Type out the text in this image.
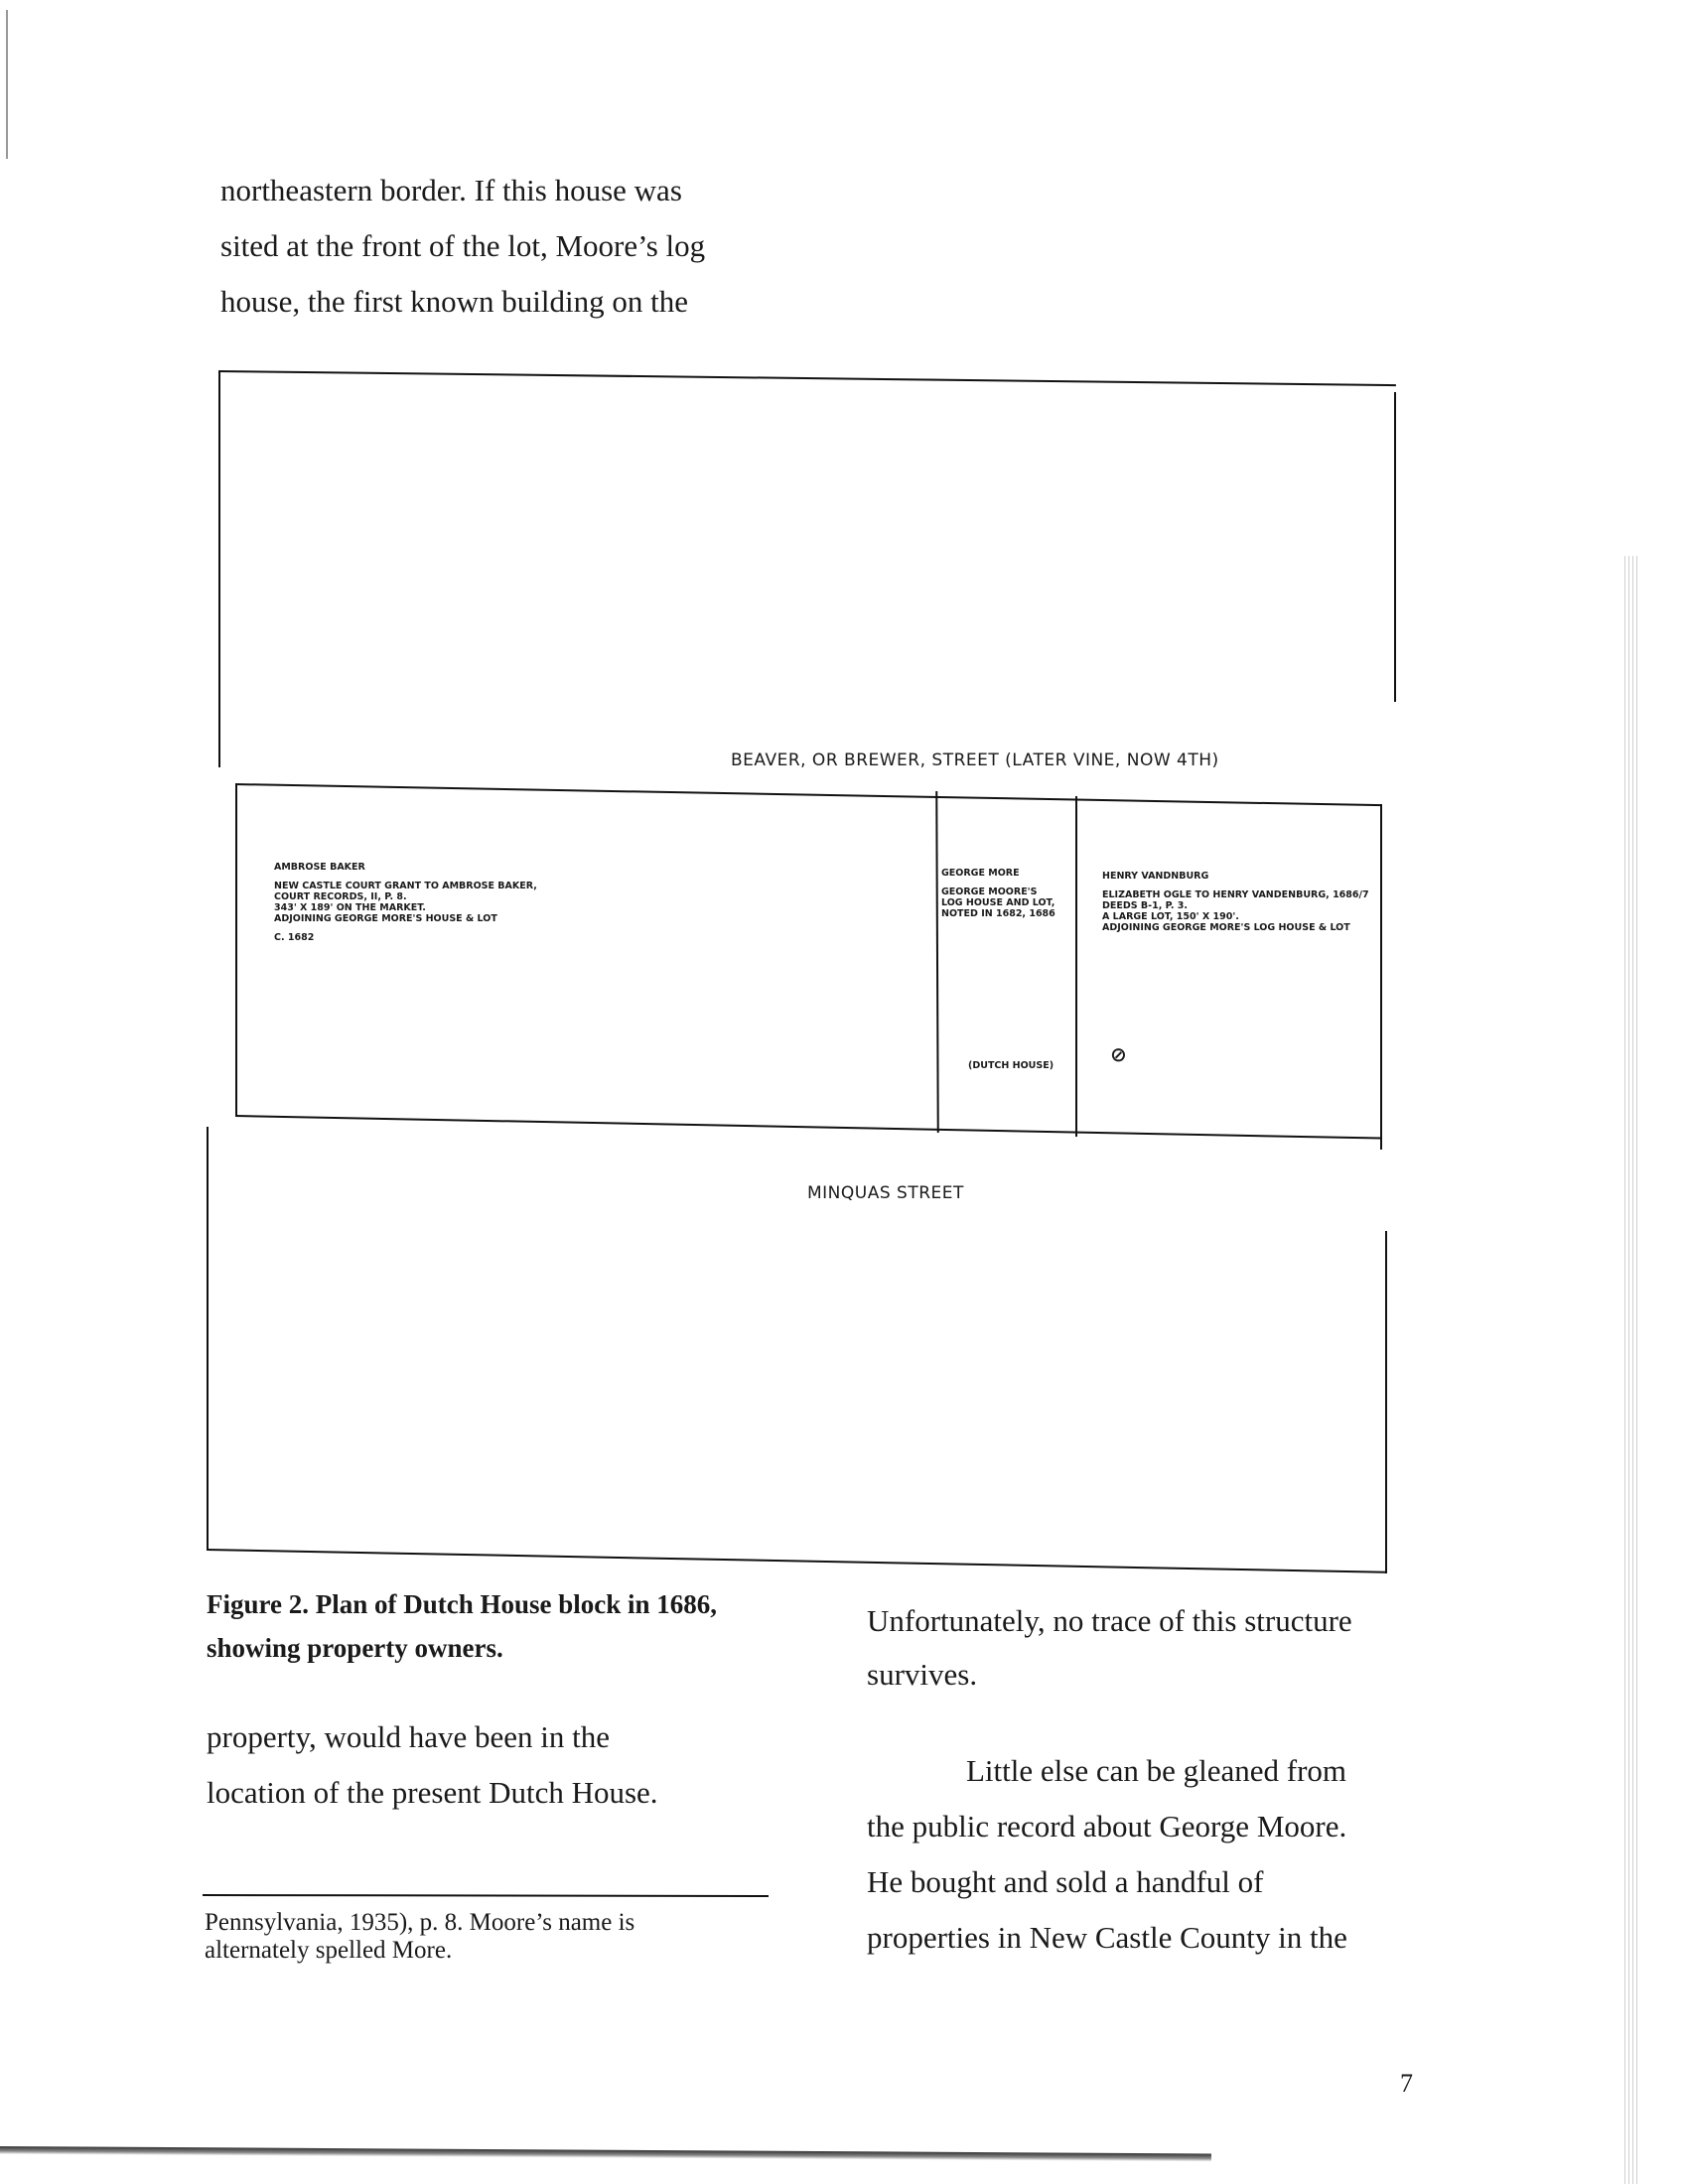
northeastern border. If this house was
sited at the front of the lot, Moore’s log
house, the first known building on the
BEAVER, OR BREWER, STREET (LATER VINE, NOW 4TH)
AMBROSE BAKER
NEW CASTLE COURT GRANT TO AMBROSE BAKER,
COURT RECORDS, II, P. 8.
343' X 189' ON THE MARKET.
ADJOINING GEORGE MORE'S HOUSE & LOT
C. 1682
GEORGE MORE
GEORGE MOORE'S
LOG HOUSE AND LOT,
NOTED IN 1682, 1686
(DUTCH HOUSE)
HENRY VANDNBURG
ELIZABETH OGLE TO HENRY VANDENBURG, 1686/7
DEEDS B-1, P. 3.
A LARGE LOT, 150' X 190'.
ADJOINING GEORGE MORE'S LOG HOUSE & LOT
⊘
MINQUAS STREET
Figure 2. Plan of Dutch House block in 1686,
showing property owners.
property, would have been in the
location of the present Dutch House.
Pennsylvania, 1935), p. 8. Moore’s name is
alternately spelled More.
Unfortunately, no trace of this structure
survives.
Little else can be gleaned from
the public record about George Moore.
He bought and sold a handful of
properties in New Castle County in the
7
